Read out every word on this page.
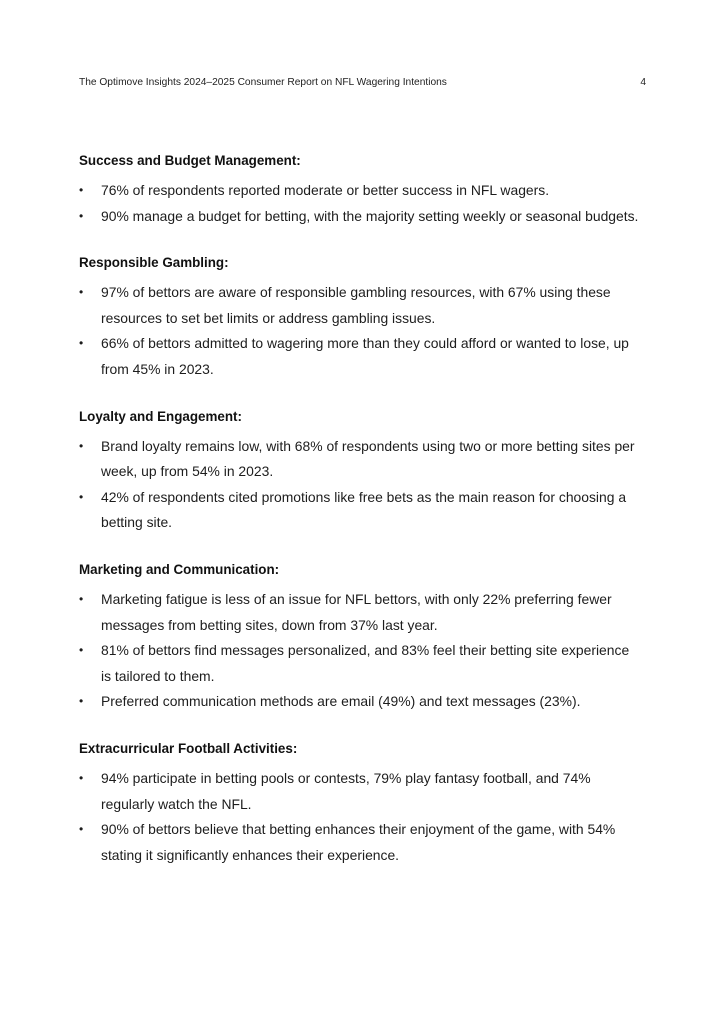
The Optimove Insights 2024–2025 Consumer Report on NFL Wagering Intentions	4
Success and Budget Management:
• 76% of respondents reported moderate or better success in NFL wagers.
• 90% manage a budget for betting, with the majority setting weekly or seasonal budgets.
Responsible Gambling:
• 97% of bettors are aware of responsible gambling resources, with 67% using these resources to set bet limits or address gambling issues.
• 66% of bettors admitted to wagering more than they could afford or wanted to lose, up from 45% in 2023.
Loyalty and Engagement:
• Brand loyalty remains low, with 68% of respondents using two or more betting sites per week, up from 54% in 2023.
• 42% of respondents cited promotions like free bets as the main reason for choosing a betting site.
Marketing and Communication:
• Marketing fatigue is less of an issue for NFL bettors, with only 22% preferring fewer messages from betting sites, down from 37% last year.
• 81% of bettors find messages personalized, and 83% feel their betting site experience is tailored to them.
• Preferred communication methods are email (49%) and text messages (23%).
Extracurricular Football Activities:
• 94% participate in betting pools or contests, 79% play fantasy football, and 74% regularly watch the NFL.
• 90% of bettors believe that betting enhances their enjoyment of the game, with 54% stating it significantly enhances their experience.
